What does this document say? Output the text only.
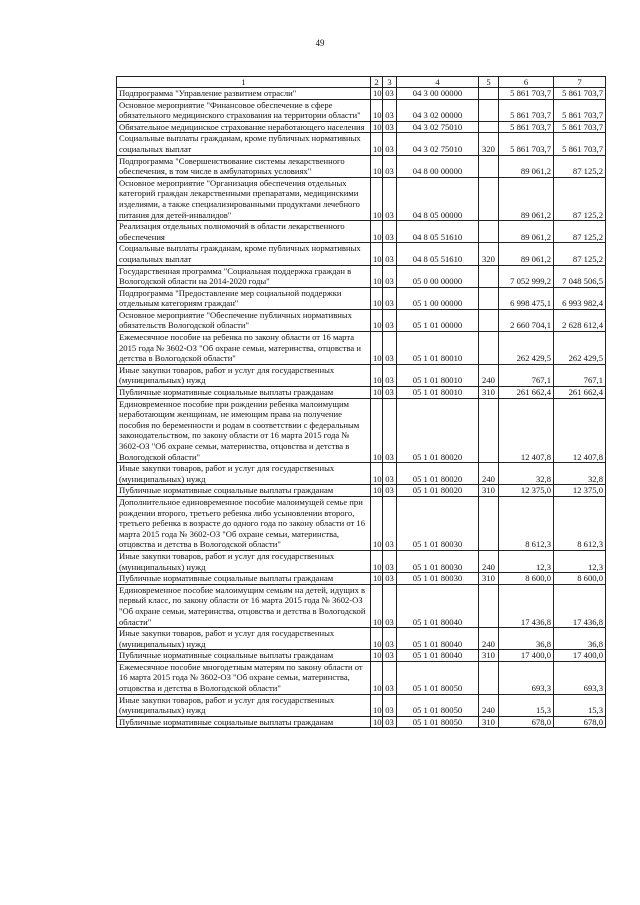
49
1	2	3	4	5	6	7
Подпрограмма "Управление развитием отрасли"	10	03	04 3 00 00000		5 861 703,7	5 861 703,7
Основное мероприятие "Финансовое обеспечение в сфере обязательного медицинского страхования на территории области"	10	03	04 3 02 00000		5 861 703,7	5 861 703,7
Обязательное медицинское страхование неработающего населения	10	03	04 3 02 75010		5 861 703,7	5 861 703,7
Социальные выплаты гражданам, кроме публичных нормативных социальных выплат	10	03	04 3 02 75010	320	5 861 703,7	5 861 703,7
Подпрограмма "Совершенствование системы лекарственного обеспечения, в том числе в амбулаторных условиях"	10	03	04 8 00 00000		89 061,2	87 125,2
Основное мероприятие "Организация обеспечения отдельных категорий граждан лекарственными препаратами, медицинскими изделиями, а также специализированными продуктами лечебного питания для детей-инвалидов"	10	03	04 8 05 00000		89 061,2	87 125,2
Реализация отдельных полномочий в области лекарственного обеспечения	10	03	04 8 05 51610		89 061,2	87 125,2
Социальные выплаты гражданам, кроме публичных нормативных социальных выплат	10	03	04 8 05 51610	320	89 061,2	87 125,2
Государственная программа "Социальная поддержка граждан в Вологодской области на 2014-2020 годы"	10	03	05 0 00 00000		7 052 999,2	7 048 506,5
Подпрограмма "Предоставление мер социальной поддержки отдельным категориям граждан"	10	03	05 1 00 00000		6 998 475,1	6 993 982,4
Основное мероприятие "Обеспечение публичных нормативных обязательств Вологодской области"	10	03	05 1 01 00000		2 660 704,1	2 628 612,4
Ежемесячное пособие на ребенка по закону области от 16 марта 2015 года № 3602-ОЗ "Об охране семьи, материнства, отцовства и детства в Вологодской области"	10	03	05 1 01 80010		262 429,5	262 429,5
Иные закупки товаров, работ и услуг для государственных (муниципальных) нужд	10	03	05 1 01 80010	240	767,1	767,1
Публичные нормативные социальные выплаты гражданам	10	03	05 1 01 80010	310	261 662,4	261 662,4
Единовременное пособие при рождении ребенка малоимущим неработающим женщинам, не имеющим права на получение пособия по беременности и родам в соответствии с федеральным законодательством, по закону области от 16 марта 2015 года № 3602-ОЗ "Об охране семьи, материнства, отцовства и детства в Вологодской области"	10	03	05 1 01 80020		12 407,8	12 407,8
Иные закупки товаров, работ и услуг для государственных (муниципальных) нужд	10	03	05 1 01 80020	240	32,8	32,8
Публичные нормативные социальные выплаты гражданам	10	03	05 1 01 80020	310	12 375,0	12 375,0
Дополнительное единовременное пособие малоимущей семье при рождении второго, третьего ребенка либо усыновлении второго, третьего ребенка в возрасте до одного года по закону области от 16 марта 2015 года № 3602-ОЗ "Об охране семьи, материнства, отцовства и детства в Вологодской области"	10	03	05 1 01 80030		8 612,3	8 612,3
Иные закупки товаров, работ и услуг для государственных (муниципальных) нужд	10	03	05 1 01 80030	240	12,3	12,3
Публичные нормативные социальные выплаты гражданам	10	03	05 1 01 80030	310	8 600,0	8 600,0
Единовременное пособие малоимущим семьям на детей, идущих в первый класс, по закону области от 16 марта 2015 года № 3602-ОЗ "Об охране семьи, материнства, отцовства и детства в Вологодской области"	10	03	05 1 01 80040		17 436,8	17 436,8
Иные закупки товаров, работ и услуг для государственных (муниципальных) нужд	10	03	05 1 01 80040	240	36,8	36,8
Публичные нормативные социальные выплаты гражданам	10	03	05 1 01 80040	310	17 400,0	17 400,0
Ежемесячное пособие многодетным матерям по закону области от 16 марта 2015 года № 3602-ОЗ "Об охране семьи, материнства, отцовства и детства в Вологодской области"	10	03	05 1 01 80050		693,3	693,3
Иные закупки товаров, работ и услуг для государственных (муниципальных) нужд	10	03	05 1 01 80050	240	15,3	15,3
Публичные нормативные социальные выплаты гражданам	10	03	05 1 01 80050	310	678,0	678,0
